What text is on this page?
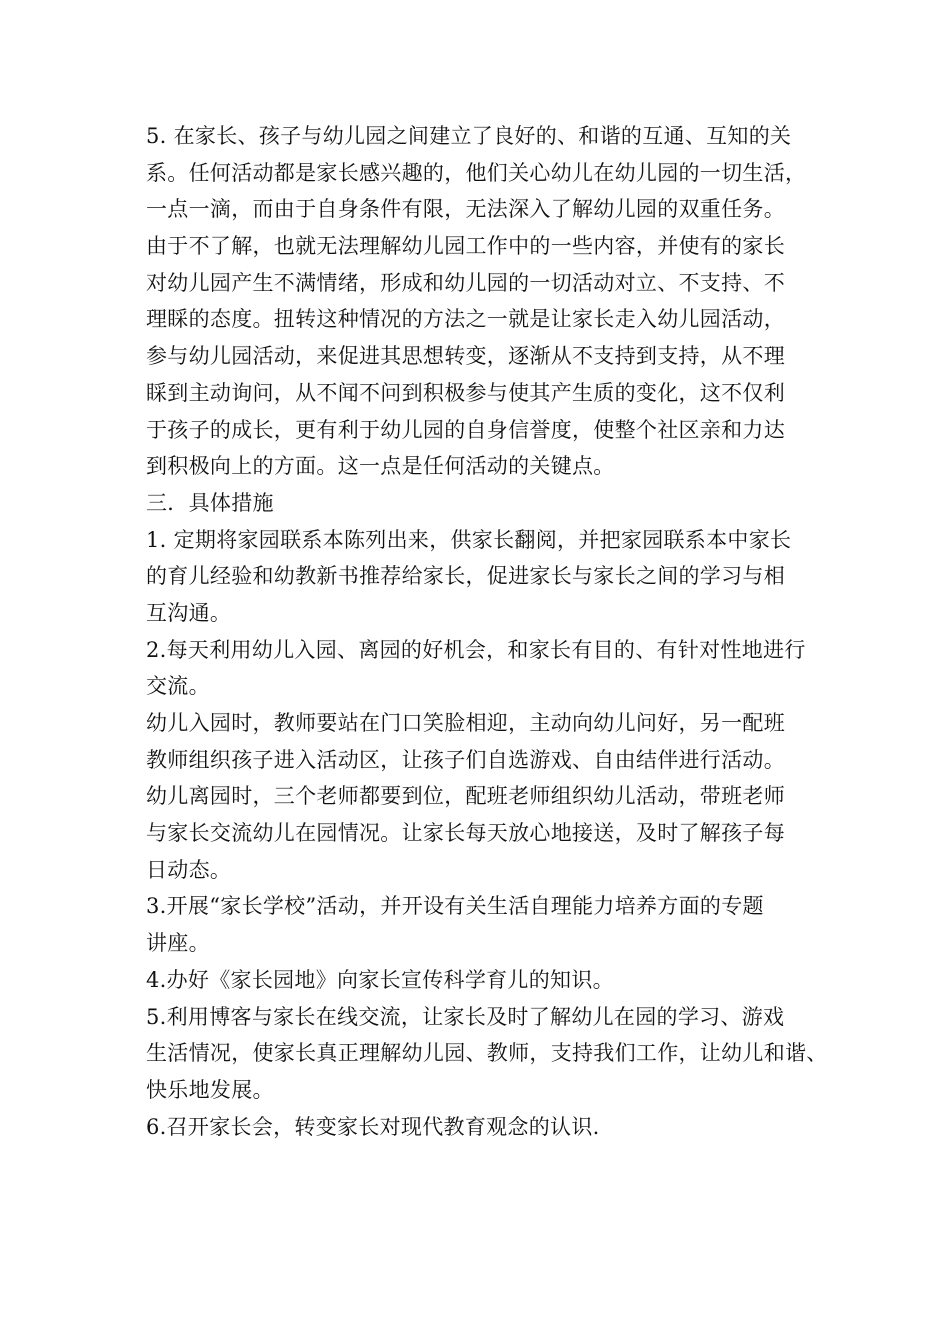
5. 在家长、孩子与幼儿园之间建立了良好的、和谐的互通、互知的关
系。任何活动都是家长感兴趣的，他们关心幼儿在幼儿园的一切生活，
一点一滴，而由于自身条件有限，无法深入了解幼儿园的双重任务。
由于不了解，也就无法理解幼儿园工作中的一些内容，并使有的家长
对幼儿园产生不满情绪，形成和幼儿园的一切活动对立、不支持、不
理睬的态度。扭转这种情况的方法之一就是让家长走入幼儿园活动，
参与幼儿园活动，来促进其思想转变，逐渐从不支持到支持，从不理
睬到主动询问，从不闻不问到积极参与使其产生质的变化，这不仅利
于孩子的成长，更有利于幼儿园的自身信誉度，使整个社区亲和力达
到积极向上的方面。这一点是任何活动的关键点。
三．具体措施
1. 定期将家园联系本陈列出来，供家长翻阅，并把家园联系本中家长
的育儿经验和幼教新书推荐给家长，促进家长与家长之间的学习与相
互沟通。
2.每天利用幼儿入园、离园的好机会，和家长有目的、有针对性地进行
交流。
幼儿入园时，教师要站在门口笑脸相迎，主动向幼儿问好，另一配班
教师组织孩子进入活动区，让孩子们自选游戏、自由结伴进行活动。
幼儿离园时，三个老师都要到位，配班老师组织幼儿活动，带班老师
与家长交流幼儿在园情况。让家长每天放心地接送，及时了解孩子每
日动态。
3.开展“家长学校”活动，并开设有关生活自理能力培养方面的专题
讲座。
4.办好《家长园地》向家长宣传科学育儿的知识。
5.利用博客与家长在线交流，让家长及时了解幼儿在园的学习、游戏
生活情况，使家长真正理解幼儿园、教师，支持我们工作，让幼儿和谐、
快乐地发展。
6.召开家长会，转变家长对现代教育观念的认识.
